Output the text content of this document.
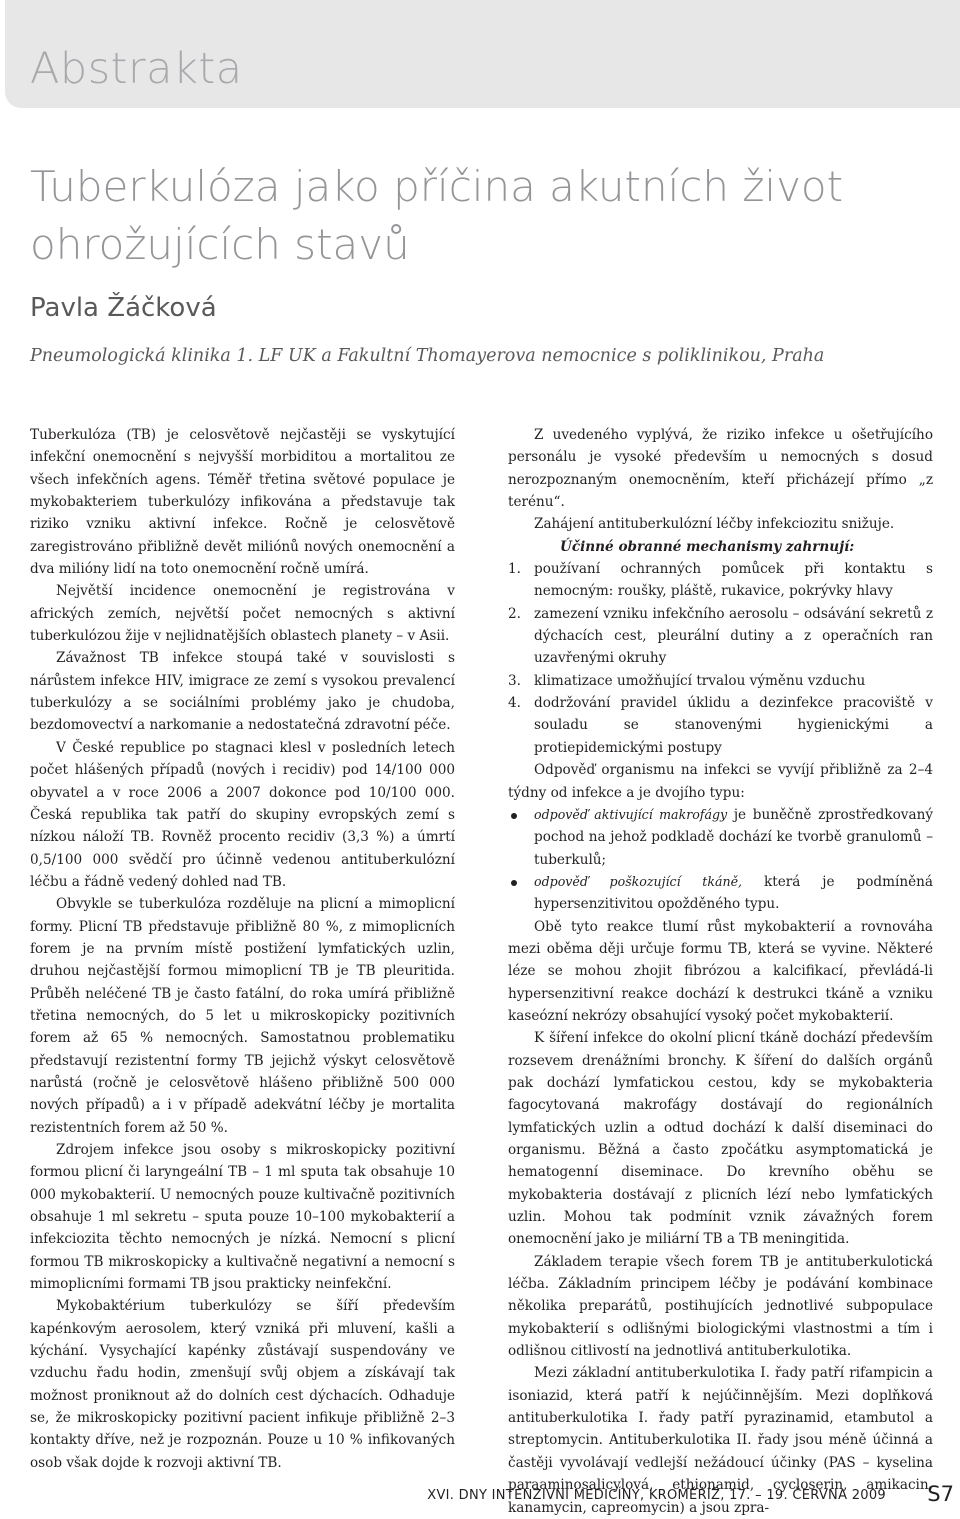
Abstrakta
Tuberkulóza jako příčina akutních život ohrožujících stavů

Pavla Žáčková

Pneumologická klinika 1. LF UK a Fakultní Thomayerova nemocnice s poliklinikou, Praha

Tuberkulóza (TB) je celosvětově nejčastěji se vyskytující infekční onemocnění s nejvyšší morbiditou a mortalitou ze všech infekčních agens. Téměř třetina světové populace je mykobakteriem tuberkulózy infikována a představuje tak riziko vzniku aktivní infekce. Ročně je celosvětově zaregistrováno přibližně devět miliónů nových onemocnění a dva milióny lidí na toto onemocnění ročně umírá.

Největší incidence onemocnění je registrována v afrických zemích, největší počet nemocných s aktivní tuberkulózou žije v nejlidnatějších oblastech planety – v Asii.

Závažnost TB infekce stoupá také v souvislosti s nárůstem infekce HIV, imigrace ze zemí s vysokou prevalencí tuberkulózy a se sociálními problémy jako je chudoba, bezdomovectví a narkomanie a nedostatečná zdravotní péče.

V České republice po stagnaci klesl v posledních letech počet hlášených případů (nových i recidiv) pod 14/100 000 obyvatel a v roce 2006 a 2007 dokonce pod 10/100 000. Česká republika tak patří do skupiny evropských zemí s nízkou náloží TB. Rovněž procento recidiv (3,3 %) a úmrtí 0,5/100 000 svědčí pro účinně vedenou antituberkulózní léčbu a řádně vedený dohled nad TB.

Obvykle se tuberkulóza rozděluje na plicní a mimoplicní formy. Plicní TB představuje přibližně 80 %, z mimoplicních forem je na prvním místě postižení lymfatických uzlin, druhou nejčastější formou mimoplicní TB je TB pleuritida. Průběh neléčené TB je často fatální, do roka umírá přibližně třetina nemocných, do 5 let u mikroskopicky pozitivních forem až 65 % nemocných. Samostatnou problematiku představují rezistentní formy TB jejichž výskyt celosvětově narůstá (ročně je celosvětově hlášeno přibližně 500 000 nových případů) a i v případě adekvátní léčby je mortalita rezistentních forem až 50 %.

Zdrojem infekce jsou osoby s mikroskopicky pozitivní formou plicní či laryngeální TB – 1 ml sputa tak obsahuje 10 000 mykobakterií. U nemocných pouze kultivačně pozitivních obsahuje 1 ml sekretu – sputa pouze 10–100 mykobakterií a infekciozita těchto nemocných je nízká. Nemocní s plicní formou TB mikroskopicky a kultivačně negativní a nemocní s mimoplicními formami TB jsou prakticky neinfekční.

Mykobaktérium tuberkulózy se šíří především kapénkovým aerosolem, který vzniká při mluvení, kašli a kýchání. Vysychající kapénky zůstávají suspendovány ve vzduchu řadu hodin, zmenšují svůj objem a získávají tak možnost proniknout až do dolních cest dýchacích. Odhaduje se, že mikroskopicky pozitivní pacient infikuje přibližně 2–3 kontakty dříve, než je rozpoznán. Pouze u 10 % infikovaných osob však dojde k rozvoji aktivní TB.

Z uvedeného vyplývá, že riziko infekce u ošetřujícího personálu je vysoké především u nemocných s dosud nerozpoznaným onemocněním, kteří přicházejí přímo „z terénu“.

Zahájení antituberkulózní léčby infekciozitu snižuje.

Účinné obranné mechanismy zahrnují:

1. používaní ochranných pomůcek při kontaktu s nemocným: roušky, pláště, rukavice, pokrývky hlavy
2. zamezení vzniku infekčního aerosolu – odsávání sekretů z dýchacích cest, pleurální dutiny a z operačních ran uzavřenými okruhy
3. klimatizace umožňující trvalou výměnu vzduchu
4. dodržování pravidel úklidu a dezinfekce pracoviště v souladu se stanovenými hygienickými a protiepidemickými postupy

Odpověď organismu na infekci se vyvíjí přibližně za 2–4 týdny od infekce a je dvojího typu:

odpověď aktivující makrofágy je buněčně zprostředkovaný pochod na jehož podkladě dochází ke tvorbě granulomů – tuberkulů;
odpověď poškozující tkáně, která je podmíněná hypersenzitivitou opožděného typu.

Obě tyto reakce tlumí růst mykobakterií a rovnováha mezi oběma ději určuje formu TB, která se vyvine. Některé léze se mohou zhojit fibrózou a kalcifikací, převládá-li hypersenzitivní reakce dochází k destrukci tkáně a vzniku kaseózní nekrózy obsahující vysoký počet mykobakterií.

K šíření infekce do okolní plicní tkáně dochází především rozsevem drenážními bronchy. K šíření do dalších orgánů pak dochází lymfatickou cestou, kdy se mykobakteria fagocytovaná makrofágy dostávají do regionálních lymfatických uzlin a odtud dochází k další diseminaci do organismu. Běžná a často zpočátku asymptomatická je hematogenní diseminace. Do krevního oběhu se mykobakteria dostávají z plicních lézí nebo lymfatických uzlin. Mohou tak podmínit vznik závažných forem onemocnění jako je miliární TB a TB meningitida.

Základem terapie všech forem TB je antituberkulotická léčba. Základním principem léčby je podávání kombinace několika preparátů, postihujících jednotlivé subpopulace mykobakterií s odlišnými biologickými vlastnostmi a tím i odlišnou citlivostí na jednotlivá antituberkulotika.

Mezi základní antituberkulotika I. řady patří rifampicin a isoniazid, která patří k nejúčinnějším. Mezi doplňková antituberkulotika I. řady patří pyrazinamid, etambutol a streptomycin. Antituberkulotika II. řady jsou méně účinná a častěji vyvolávají vedlejší nežádoucí účinky (PAS – kyselina paraaminosalicylová, ethionamid, cycloserin, amikacin, kanamycin, capreomycin) a jsou zpra-

XVI. DNY INTENZIVNÍ MEDICÍNY, KROMĚŘÍŽ, 17. – 19. ČERVNA 2009 S7
